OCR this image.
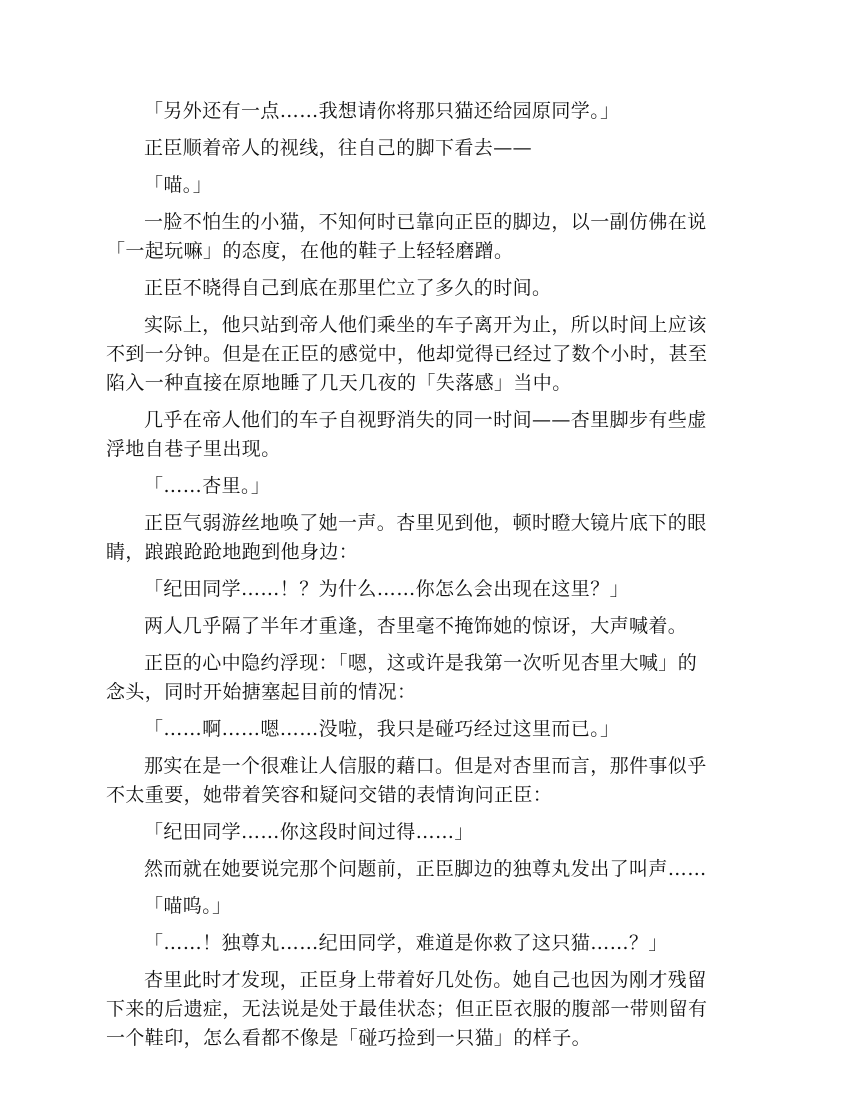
「另外还有一点……我想请你将那只猫还给园原同学。」

正臣顺着帝人的视线，往自己的脚下看去——

「喵。」

一脸不怕生的小猫，不知何时已靠向正臣的脚边，以一副仿佛在说
「一起玩嘛」的态度，在他的鞋子上轻轻磨蹭。

正臣不晓得自己到底在那里伫立了多久的时间。

实际上，他只站到帝人他们乘坐的车子离开为止，所以时间上应该
不到一分钟。但是在正臣的感觉中，他却觉得已经过了数个小时，甚至
陷入一种直接在原地睡了几天几夜的「失落感」当中。

几乎在帝人他们的车子自视野消失的同一时间——杏里脚步有些虚
浮地自巷子里出现。

「……杏里。」

正臣气弱游丝地唤了她一声。杏里见到他，顿时瞪大镜片底下的眼
睛，踉踉跄跄地跑到他身边：

「纪田同学……！？为什么……你怎么会出现在这里？」

两人几乎隔了半年才重逢，杏里毫不掩饰她的惊讶，大声喊着。

正臣的心中隐约浮现：「嗯，这或许是我第一次听见杏里大喊」的
念头，同时开始搪塞起目前的情况：

「……啊……嗯……没啦，我只是碰巧经过这里而已。」

那实在是一个很难让人信服的藉口。但是对杏里而言，那件事似乎
不太重要，她带着笑容和疑问交错的表情询问正臣：

「纪田同学……你这段时间过得……」

然而就在她要说完那个问题前，正臣脚边的独尊丸发出了叫声……

「喵呜。」

「……！独尊丸……纪田同学，难道是你救了这只猫……？」

杏里此时才发现，正臣身上带着好几处伤。她自己也因为刚才残留
下来的后遗症，无法说是处于最佳状态；但正臣衣服的腹部一带则留有
一个鞋印，怎么看都不像是「碰巧捡到一只猫」的样子。
